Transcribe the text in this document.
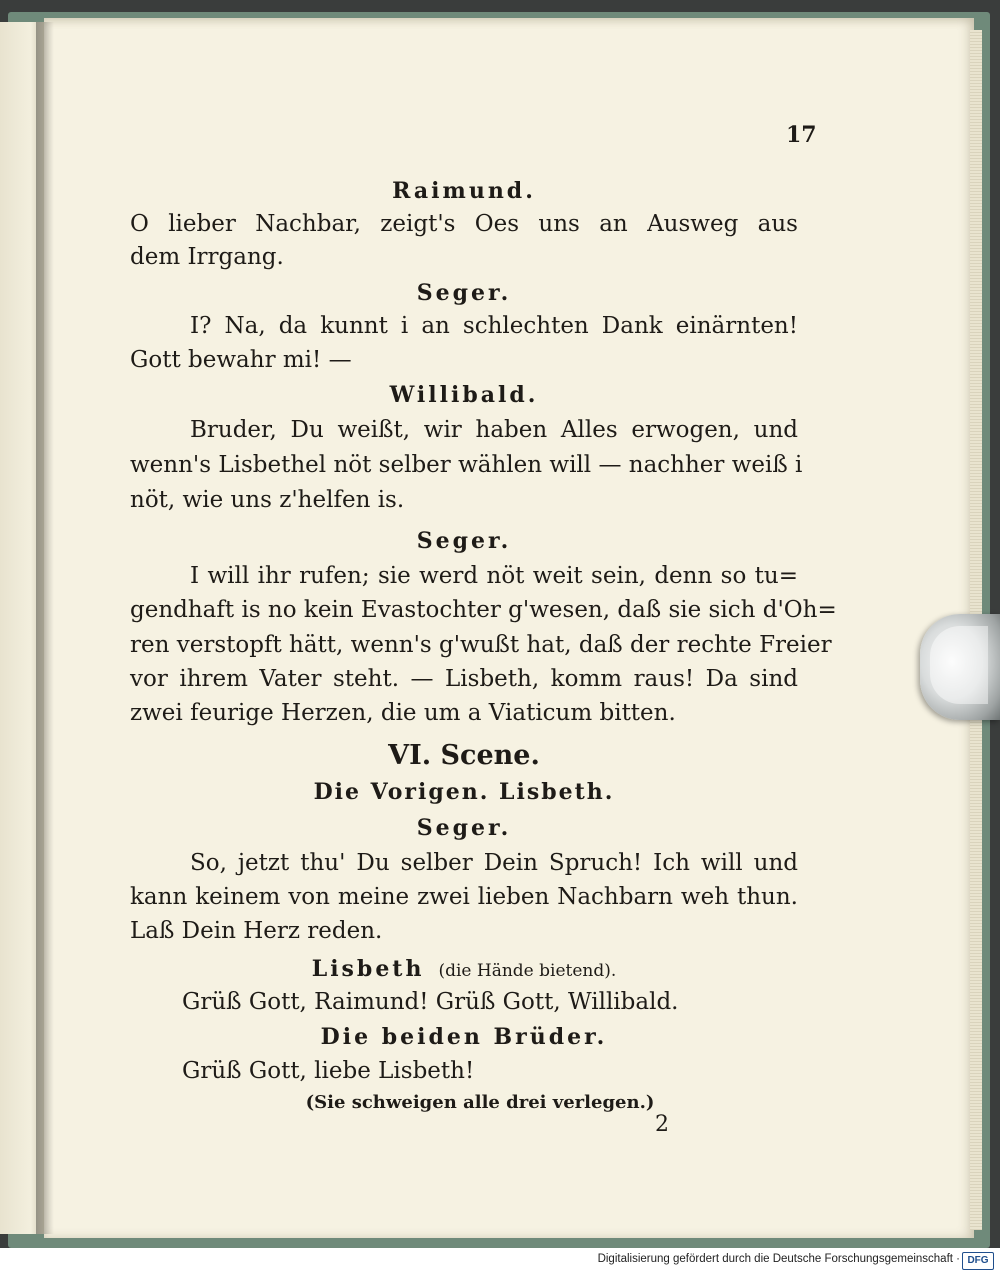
17
Raimund.
O lieber Nachbar, zeigt's Oes uns an Ausweg aus
dem Irrgang.
Seger.
I? Na, da kunnt i an schlechten Dank einärnten!
Gott bewahr mi! —
Willibald.
Bruder, Du weißt, wir haben Alles erwogen, und
wenn's Lisbethel nöt selber wählen will — nachher weiß i
nöt, wie uns z'helfen is.
Seger.
I will ihr rufen; sie werd nöt weit sein, denn so tu=
gendhaft is no kein Evastochter g'wesen, daß sie sich d'Oh=
ren verstopft hätt, wenn's g'wußt hat, daß der rechte Freier
vor ihrem Vater steht. — Lisbeth, komm raus! Da sind
zwei feurige Herzen, die um a Viaticum bitten.
VI. Scene.
Die Vorigen. Lisbeth.
Seger.
So, jetzt thu' Du selber Dein Spruch! Ich will und
kann keinem von meine zwei lieben Nachbarn weh thun.
Laß Dein Herz reden.
Lisbeth (die Hände bietend).
Grüß Gott, Raimund! Grüß Gott, Willibald.
Die beiden Brüder.
Grüß Gott, liebe Lisbeth!
(Sie schweigen alle drei verlegen.)
2
Digitalisierung gefördert durch die Deutsche Forschungsgemeinschaft · DFG
